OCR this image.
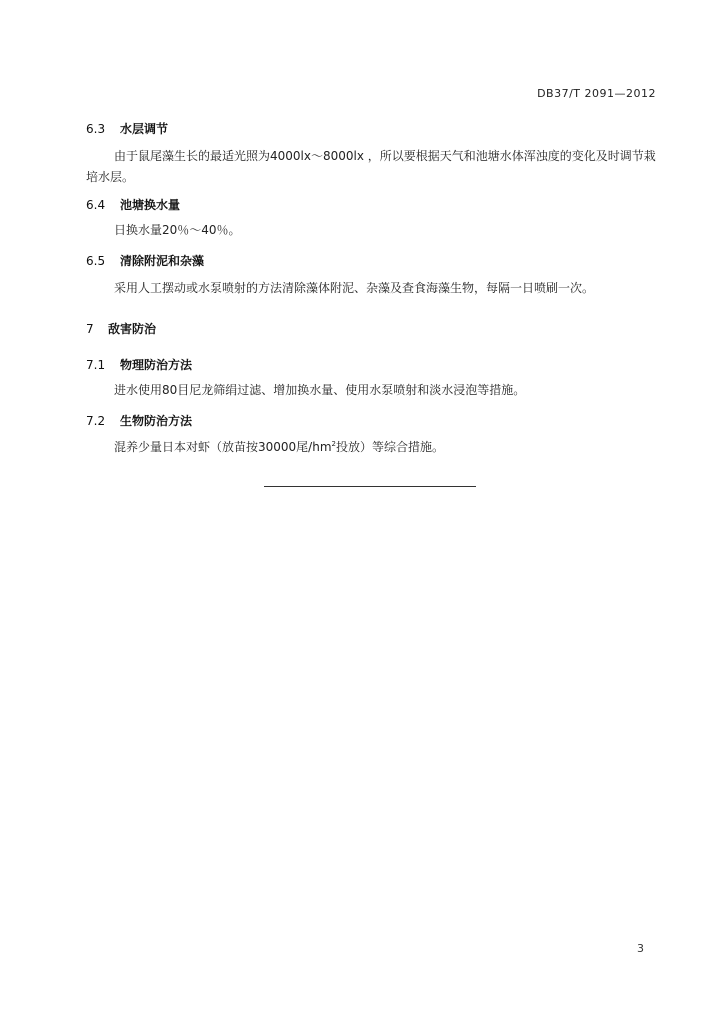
DB37/T 2091—2012
6.3 水层调节
由于鼠尾藻生长的最适光照为4000lx～8000lx ，所以要根据天气和池塘水体浑浊度的变化及时调节栽培水层。
6.4 池塘换水量
日换水量20％～40％。
6.5 清除附泥和杂藻
采用人工摆动或水泵喷射的方法清除藻体附泥、杂藻及查食海藻生物，每隔一日喷刷一次。
7 敌害防治
7.1 物理防治方法
进水使用80目尼龙筛绢过滤、增加换水量、使用水泵喷射和淡水浸泡等措施。
7.2 生物防治方法
混养少量日本对虾（放苗按30000尾$/hm^2$投放）等综合措施。
3
